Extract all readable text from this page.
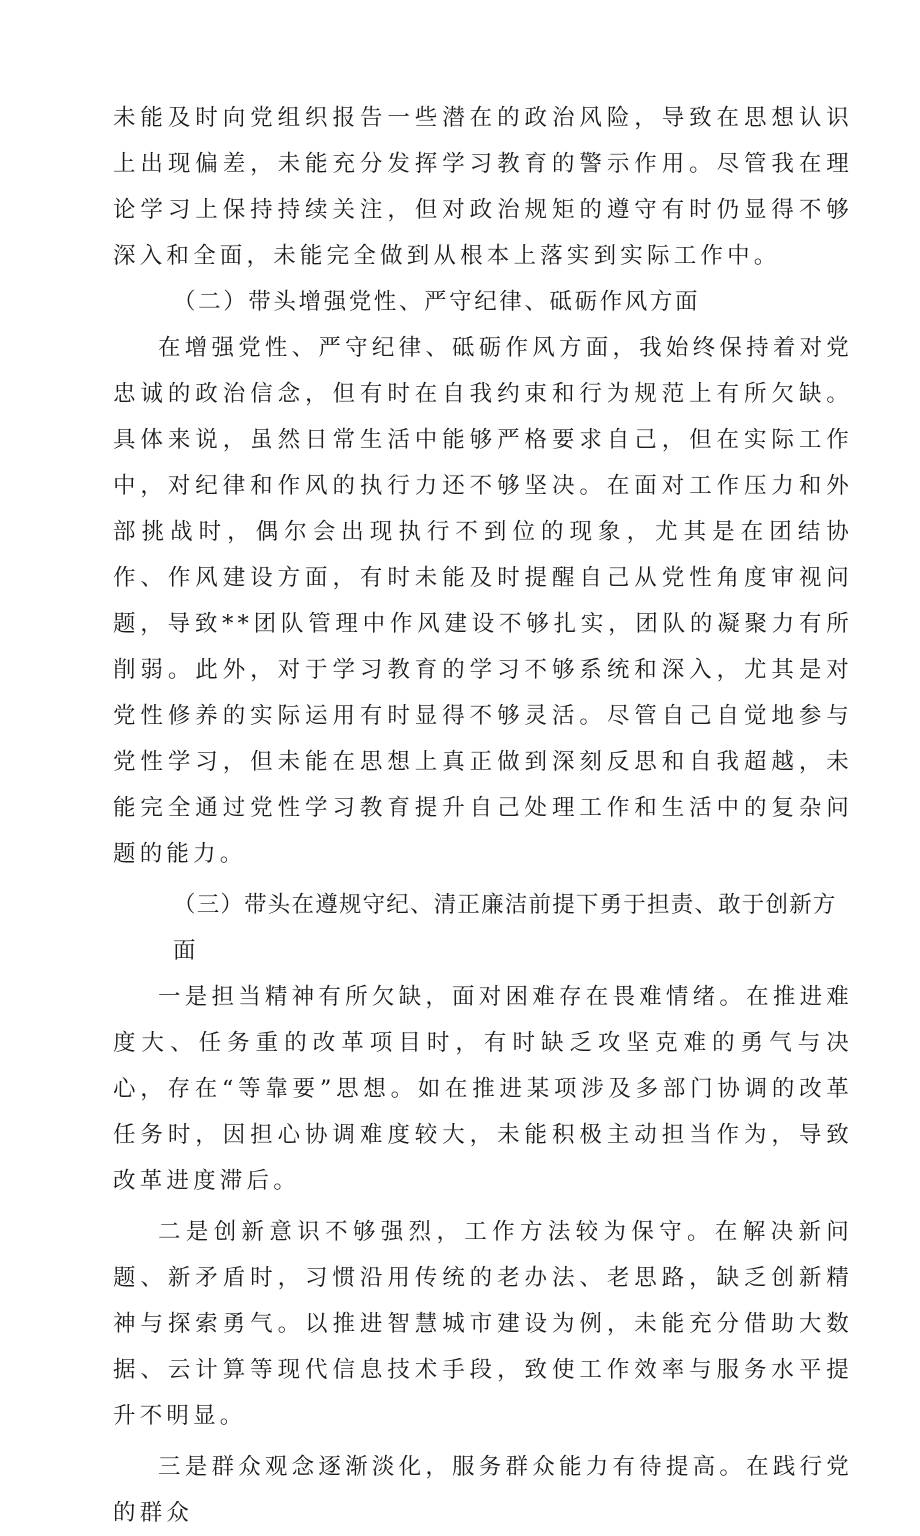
未能及时向党组织报告一些潜在的政治风险，导致在思想认识上出现偏差，未能充分发挥学习教育的警示作用。尽管我在理论学习上保持持续关注，但对政治规矩的遵守有时仍显得不够深入和全面，未能完全做到从根本上落实到实际工作中。

（二）带头增强党性、严守纪律、砥砺作风方面

在增强党性、严守纪律、砥砺作风方面，我始终保持着对党忠诚的政治信念，但有时在自我约束和行为规范上有所欠缺。具体来说，虽然日常生活中能够严格要求自己，但在实际工作中，对纪律和作风的执行力还不够坚决。在面对工作压力和外部挑战时，偶尔会出现执行不到位的现象，尤其是在团结协作、作风建设方面，有时未能及时提醒自己从党性角度审视问题，导致**团队管理中作风建设不够扎实，团队的凝聚力有所削弱。此外，对于学习教育的学习不够系统和深入，尤其是对党性修养的实际运用有时显得不够灵活。尽管自己自觉地参与党性学习，但未能在思想上真正做到深刻反思和自我超越，未能完全通过党性学习教育提升自己处理工作和生活中的复杂问题的能力。

（三）带头在遵规守纪、清正廉洁前提下勇于担责、敢于创新方面

一是担当精神有所欠缺，面对困难存在畏难情绪。在推进难度大、任务重的改革项目时，有时缺乏攻坚克难的勇气与决心，存在“等靠要”思想。如在推进某项涉及多部门协调的改革任务时，因担心协调难度较大，未能积极主动担当作为，导致改革进度滞后。

二是创新意识不够强烈，工作方法较为保守。在解决新问题、新矛盾时，习惯沿用传统的老办法、老思路，缺乏创新精神与探索勇气。以推进智慧城市建设为例，未能充分借助大数据、云计算等现代信息技术手段，致使工作效率与服务水平提升不明显。

三是群众观念逐渐淡化，服务群众能力有待提高。在践行党的群众
